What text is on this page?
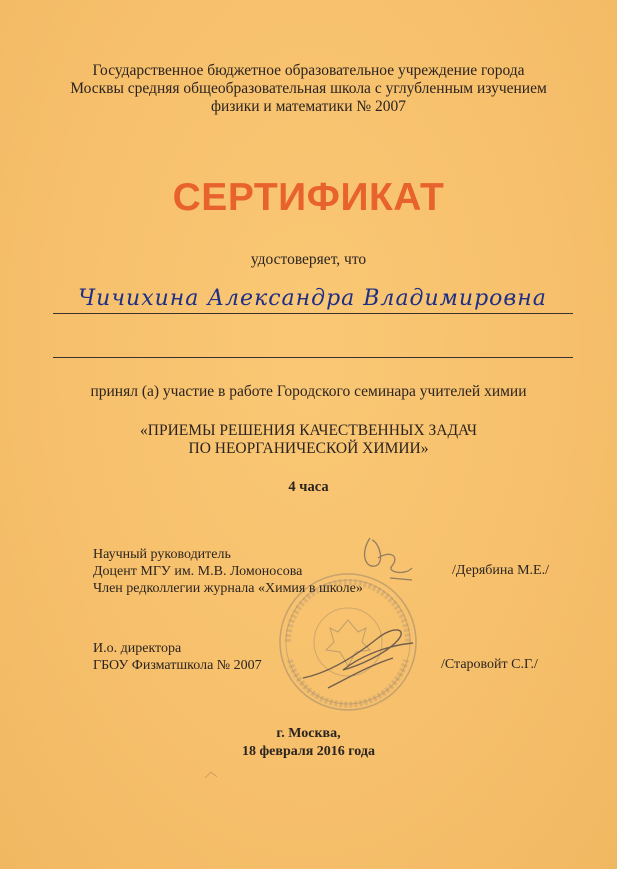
Государственное бюджетное образовательное учреждение города
Москвы средняя общеобразовательная школа с углубленным изучением
физики и математики № 2007
СЕРТИФИКАТ
удостоверяет, что
Чичихина Александра Владимировна
принял (а) участие в работе Городского семинара учителей химии
«ПРИЕМЫ РЕШЕНИЯ КАЧЕСТВЕННЫХ ЗАДАЧ
ПО НЕОРГАНИЧЕСКОЙ ХИМИИ»
4 часа
Научный руководитель
Доцент МГУ им. М.В. Ломоносова
Член редколлегии журнала «Химия в школе»
/Дерябина М.Е./
И.о. директора
ГБОУ Физматшкола № 2007	/Старовойт С.Г./
г. Москва,
18 февраля 2016 года
